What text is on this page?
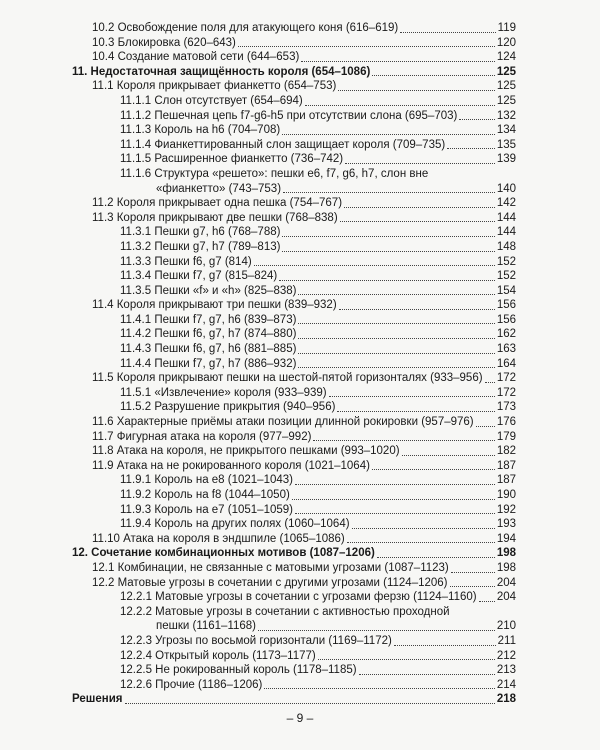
10.2 Освобождение поля для атакующего коня (616–619)	119
10.3 Блокировка (620–643)	120
10.4 Создание матовой сети (644–653)	124
11. Недостаточная защищённость короля (654–1086)	125
11.1 Короля прикрывает фианкетто (654–753)	125
11.1.1 Слон отсутствует (654–694)	125
11.1.2 Пешечная цепь f7-g6-h5 при отсутствии слона (695–703)	132
11.1.3 Король на h6 (704–708)	134
11.1.4 Фианкеттированный слон защищает короля (709–735)	135
11.1.5 Расширенное фианкетто (736–742)	139
11.1.6 Структура «решето»: пешки e6, f7, g6, h7, слон вне
«фианкетто» (743–753)	140
11.2 Короля прикрывает одна пешка (754–767)	142
11.3 Короля прикрывают две пешки (768–838)	144
11.3.1 Пешки g7, h6 (768–788)	144
11.3.2 Пешки g7, h7 (789–813)	148
11.3.3 Пешки f6, g7 (814)	152
11.3.4 Пешки f7, g7 (815–824)	152
11.3.5 Пешки «f» и «h» (825–838)	154
11.4 Короля прикрывают три пешки (839–932)	156
11.4.1 Пешки f7, g7, h6 (839–873)	156
11.4.2 Пешки f6, g7, h7 (874–880)	162
11.4.3 Пешки f6, g7, h6 (881–885)	163
11.4.4 Пешки f7, g7, h7 (886–932)	164
11.5 Короля прикрывают пешки на шестой-пятой горизонталях (933–956) 172
11.5.1 «Извлечение» короля (933–939)	172
11.5.2 Разрушение прикрытия (940–956)	173
11.6 Характерные приёмы атаки позиции длинной рокировки (957–976) 176
11.7 Фигурная атака на короля (977–992)	179
11.8 Атака на короля, не прикрытого пешками (993–1020)	182
11.9 Атака на не рокированного короля (1021–1064)	187
11.9.1 Король на e8 (1021–1043)	187
11.9.2 Король на f8 (1044–1050)	190
11.9.3 Король на e7 (1051–1059)	192
11.9.4 Король на других полях (1060–1064)	193
11.10 Атака на короля в эндшпиле (1065–1086)	194
12. Сочетание комбинационных мотивов (1087–1206)	198
12.1 Комбинации, не связанные с матовыми угрозами (1087–1123)	198
12.2 Матовые угрозы в сочетании с другими угрозами (1124–1206)	204
12.2.1 Матовые угрозы в сочетании с угрозами ферзю (1124–1160) 204
12.2.2 Матовые угрозы в сочетании с активностью проходной
пешки (1161–1168)	210
12.2.3 Угрозы по восьмой горизонтали (1169–1172)	211
12.2.4 Открытый король (1173–1177)	212
12.2.5 Не рокированный король (1178–1185)	213
12.2.6 Прочие (1186–1206)	214
Решения	218
– 9 –
